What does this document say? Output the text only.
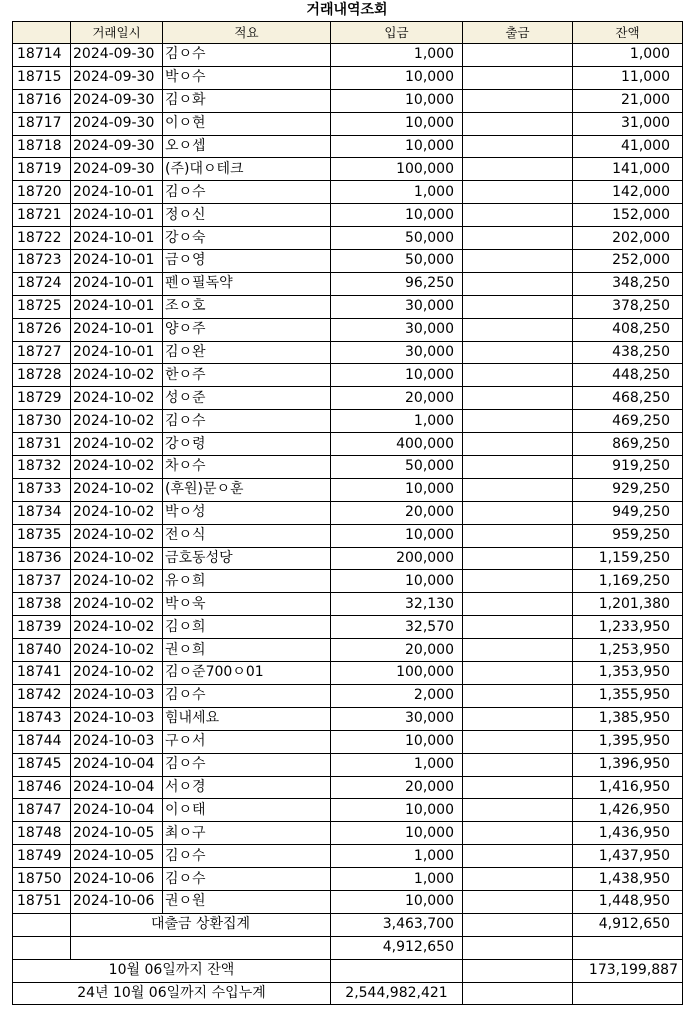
거래내역조회
	거래일시	적요	입금	출금	잔액
18714	2024-09-30	김ㅇ수	1,000		1,000
18715	2024-09-30	박ㅇ수	10,000		11,000
18716	2024-09-30	김ㅇ화	10,000		21,000
18717	2024-09-30	이ㅇ현	10,000		31,000
18718	2024-09-30	오ㅇ셉	10,000		41,000
18719	2024-09-30	(주)대ㅇ테크	100,000		141,000
18720	2024-10-01	김ㅇ수	1,000		142,000
18721	2024-10-01	정ㅇ신	10,000		152,000
18722	2024-10-01	강ㅇ숙	50,000		202,000
18723	2024-10-01	금ㅇ영	50,000		252,000
18724	2024-10-01	펜ㅇ필독약	96,250		348,250
18725	2024-10-01	조ㅇ호	30,000		378,250
18726	2024-10-01	양ㅇ주	30,000		408,250
18727	2024-10-01	김ㅇ완	30,000		438,250
18728	2024-10-02	한ㅇ주	10,000		448,250
18729	2024-10-02	성ㅇ준	20,000		468,250
18730	2024-10-02	김ㅇ수	1,000		469,250
18731	2024-10-02	강ㅇ령	400,000		869,250
18732	2024-10-02	차ㅇ수	50,000		919,250
18733	2024-10-02	(후원)문ㅇ훈	10,000		929,250
18734	2024-10-02	박ㅇ성	20,000		949,250
18735	2024-10-02	전ㅇ식	10,000		959,250
18736	2024-10-02	금호동성당	200,000		1,159,250
18737	2024-10-02	유ㅇ희	10,000		1,169,250
18738	2024-10-02	박ㅇ욱	32,130		1,201,380
18739	2024-10-02	김ㅇ희	32,570		1,233,950
18740	2024-10-02	권ㅇ희	20,000		1,253,950
18741	2024-10-02	김ㅇ준700ㅇ01	100,000		1,353,950
18742	2024-10-03	김ㅇ수	2,000		1,355,950
18743	2024-10-03	힘내세요	30,000		1,385,950
18744	2024-10-03	구ㅇ서	10,000		1,395,950
18745	2024-10-04	김ㅇ수	1,000		1,396,950
18746	2024-10-04	서ㅇ경	20,000		1,416,950
18747	2024-10-04	이ㅇ태	10,000		1,426,950
18748	2024-10-05	최ㅇ구	10,000		1,436,950
18749	2024-10-05	김ㅇ수	1,000		1,437,950
18750	2024-10-06	김ㅇ수	1,000		1,438,950
18751	2024-10-06	권ㅇ원	10,000		1,448,950
	대출금 상환집계		3,463,700		4,912,650
			4,912,650		
10월 06일까지 잔액					173,199,887
24년 10월 06일까지 수입누계			2,544,982,421		
